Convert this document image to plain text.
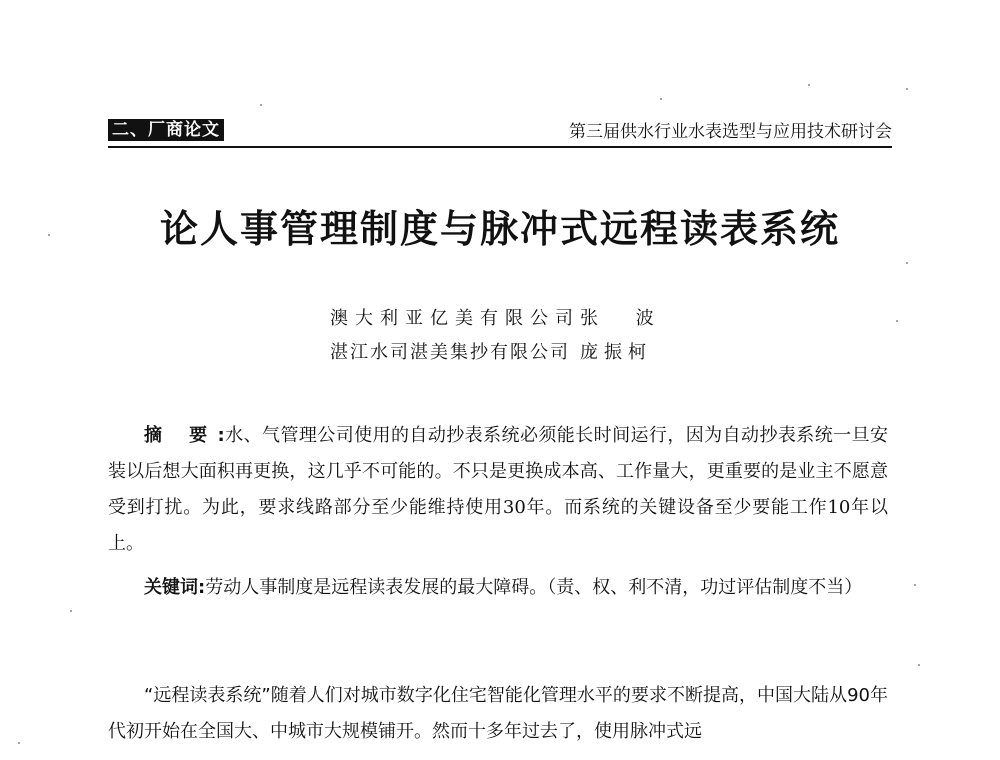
二、厂商论文	第三届供水行业水表选型与应用技术研讨会
论人事管理制度与脉冲式远程读表系统
澳大利亚亿美有限公司张 波
湛江水司湛美集抄有限公司 庞振柯

摘 要:水、气管理公司使用的自动抄表系统必须能长时间运行，因为自动抄表系统一旦安装以后想大面积再更换，这几乎不可能的。不只是更换成本高、工作量大，更重要的是业主不愿意受到打扰。为此，要求线路部分至少能维持使用30年。而系统的关键设备至少要能工作10年以上。

关键词:劳动人事制度是远程读表发展的最大障碍。（责、权、利不清，功过评估制度不当）

“远程读表系统”随着人们对城市数字化住宅智能化管理水平的要求不断提高，中国大陆从90年代初开始在全国大、中城市大规模铺开。然而十多年过去了，使用脉冲式远
